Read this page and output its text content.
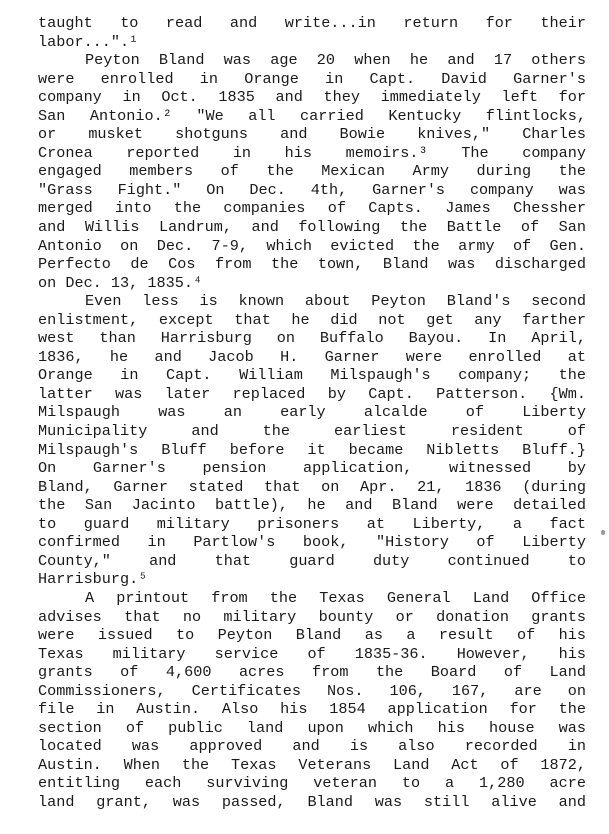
taught to read and write...in return for their
labor...".¹
Peyton Bland was age 20 when he and 17 others
were enrolled in Orange in Capt. David Garner's
company in Oct. 1835 and they immediately left for
San Antonio.² "We all carried Kentucky flintlocks,
or musket shotguns and Bowie knives," Charles
Cronea reported in his memoirs.³ The company
engaged members of the Mexican Army during the
"Grass Fight." On Dec. 4th, Garner's company was
merged into the companies of Capts. James Chessher
and Willis Landrum, and following the Battle of San
Antonio on Dec. 7-9, which evicted the army of Gen.
Perfecto de Cos from the town, Bland was discharged
on Dec. 13, 1835.⁴
Even less is known about Peyton Bland's second
enlistment, except that he did not get any farther
west than Harrisburg on Buffalo Bayou. In April,
1836, he and Jacob H. Garner were enrolled at
Orange in Capt. William Milspaugh's company; the
latter was later replaced by Capt. Patterson. {Wm.
Milspaugh was an early alcalde of Liberty
Municipality and the earliest resident of
Milspaugh's Bluff before it became Nibletts Bluff.}
On Garner's pension application, witnessed by
Bland, Garner stated that on Apr. 21, 1836 (during
the San Jacinto battle), he and Bland were detailed
to guard military prisoners at Liberty, a fact
confirmed in Partlow's book, "History of Liberty
County," and that guard duty continued to
Harrisburg.⁵
A printout from the Texas General Land Office
advises that no military bounty or donation grants
were issued to Peyton Bland as a result of his
Texas military service of 1835-36. However, his
grants of 4,600 acres from the Board of Land
Commissioners, Certificates Nos. 106, 167, are on
file in Austin. Also his 1854 application for the
section of public land upon which his house was
located was approved and is also recorded in
Austin. When the Texas Veterans Land Act of 1872,
entitling each surviving veteran to a 1,280 acre
land grant, was passed, Bland was still alive and
